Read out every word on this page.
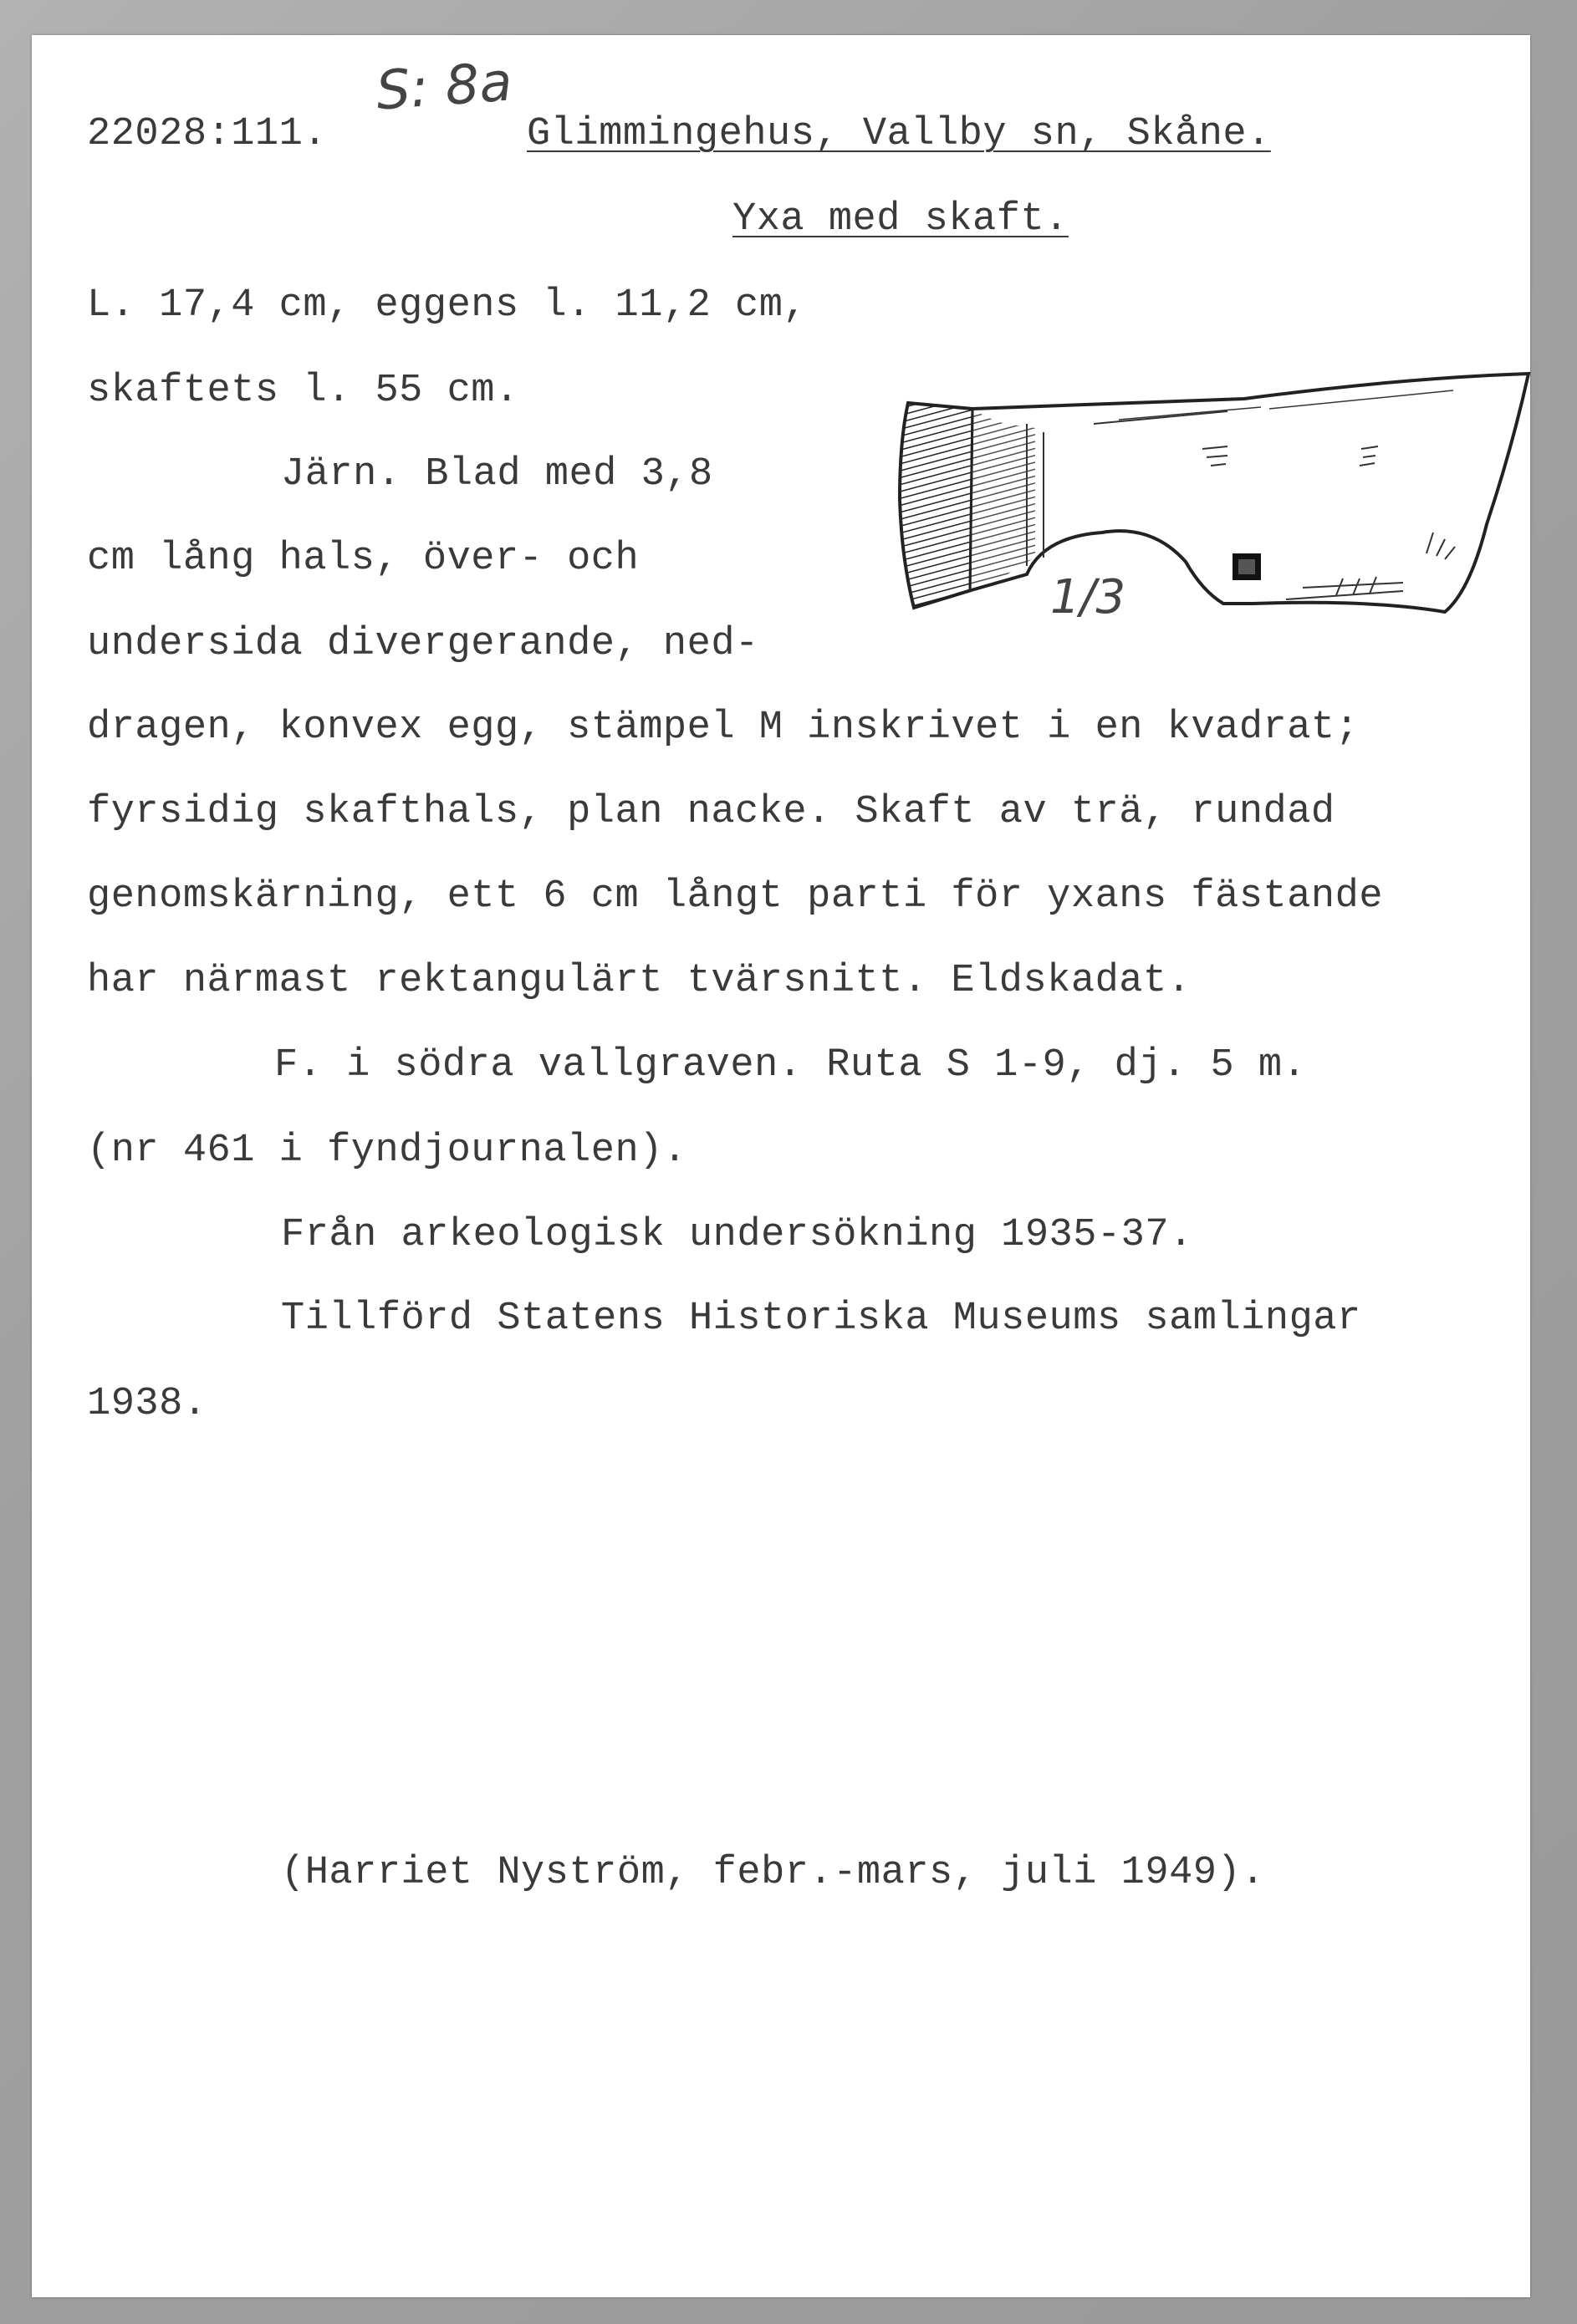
S: 8a
22028:111.	Glimmingehus, Vallby sn, Skåne.
Yxa med skaft.
L. 17,4 cm, eggens l. 11,2 cm,
skaftets l. 55 cm.
Järn. Blad med 3,8
cm lång hals, över- och
undersida divergerande, ned-
dragen, konvex egg, stämpel M inskrivet i en kvadrat;
fyrsidig skafthals, plan nacke. Skaft av trä, rundad
genomskärning, ett 6 cm långt parti för yxans fästande
har närmast rektangulärt tvärsnitt. Eldskadat.
F. i södra vallgraven. Ruta S 1-9, dj. 5 m.
(nr 461 i fyndjournalen).
Från arkeologisk undersökning 1935-37.
Tillförd Statens Historiska Museums samlingar
1938.
(Harriet Nyström, febr.-mars, juli 1949).
1/3
